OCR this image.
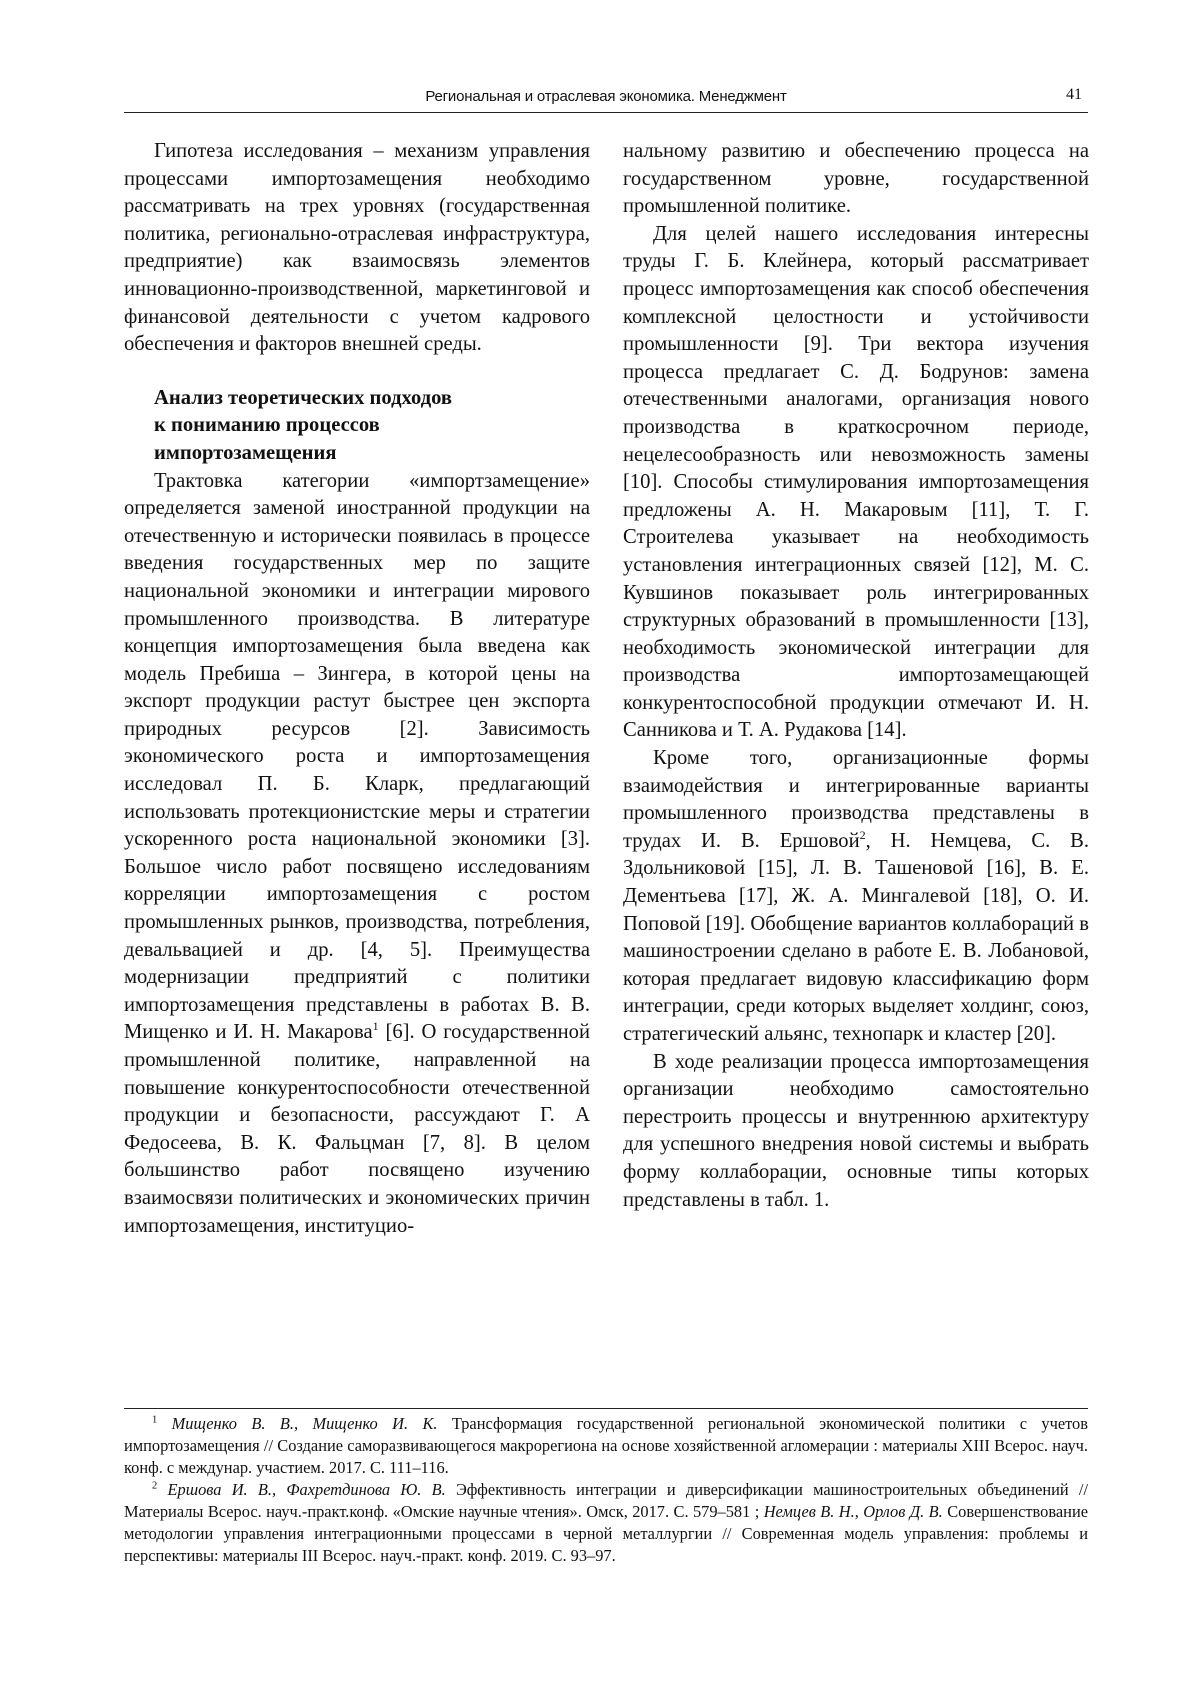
Региональная и отраслевая экономика. Менеджмент	41

Гипотеза исследования – механизм управления процессами импортозамещения необходимо рассматривать на трех уровнях (государственная политика, регионально-отраслевая инфраструктура, предприятие) как взаимосвязь элементов инновационно-производственной, маркетинговой и финансовой деятельности с учетом кадрового обеспечения и факторов внешней среды.

Анализ теоретических подходов
к пониманию процессов
импортозамещения

Трактовка категории «импортзамещение» определяется заменой иностранной продукции на отечественную и исторически появилась в процессе введения государственных мер по защите национальной экономики и интеграции мирового промышленного производства. В литературе концепция импортозамещения была введена как модель Пребиша – Зингера, в которой цены на экспорт продукции растут быстрее цен экспорта природных ресурсов [2]. Зависимость экономического роста и импортозамещения исследовал П. Б. Кларк, предлагающий использовать протекционистские меры и стратегии ускоренного роста национальной экономики [3]. Большое число работ посвящено исследованиям корреляции импортозамещения с ростом промышленных рынков, производства, потребления, девальвацией и др. [4, 5]. Преимущества модернизации предприятий с политики импортозамещения представлены в работах В. В. Мищенко и И. Н. Макарова$^1$ [6]. О государственной промышленной политике, направленной на повышение конкурентоспособности отечественной продукции и безопасности, рассуждают Г. А Федосеева, В. К. Фальцман [7, 8]. В целом большинство работ посвящено изучению взаимосвязи политических и экономических причин импортозамещения, институцио-

нальному развитию и обеспечению процесса на государственном уровне, государственной промышленной политике.

Для целей нашего исследования интересны труды Г. Б. Клейнера, который рассматривает процесс импортозамещения как способ обеспечения комплексной целостности и устойчивости промышленности [9]. Три вектора изучения процесса предлагает С. Д. Бодрунов: замена отечественными аналогами, организация нового производства в краткосрочном периоде, нецелесообразность или невозможность замены [10]. Способы стимулирования импортозамещения предложены А. Н. Макаровым [11], Т. Г. Строителева указывает на необходимость установления интеграционных связей [12], М. С. Кувшинов показывает роль интегрированных структурных образований в промышленности [13], необходимость экономической интеграции для производства импортозамещающей конкурентоспособной продукции отмечают И. Н. Санникова и Т. А. Рудакова [14].

Кроме того, организационные формы взаимодействия и интегрированные варианты промышленного производства представлены в трудах И. В. Ершовой$^2$, Н. Немцева, С. В. Здольниковой [15], Л. В. Ташеновой [16], В. Е. Дементьева [17], Ж. А. Мингалевой [18], О. И. Поповой [19]. Обобщение вариантов коллабораций в машиностроении сделано в работе Е. В. Лобановой, которая предлагает видовую классификацию форм интеграции, среди которых выделяет холдинг, союз, стратегический альянс, технопарк и кластер [20].

В ходе реализации процесса импортозамещения организации необходимо самостоятельно перестроить процессы и внутреннюю архитектуру для успешного внедрения новой системы и выбрать форму коллаборации, основные типы которых представлены в табл. 1.

$^1$ Мищенко В. В., Мищенко И. К. Трансформация государственной региональной экономической политики с учетов импортозамещения // Создание саморазвивающегося макрорегиона на основе хозяйственной агломерации : материалы XIII Всерос. науч. конф. с междунар. участием. 2017. С. 111–116.

$^2$ Ершова И. В., Фахретдинова Ю. В. Эффективность интеграции и диверсификации машиностроительных объединений // Материалы Всерос. науч.-практ.конф. «Омские научные чтения». Омск, 2017. С. 579–581 ; Немцев В. Н., Орлов Д. В. Совершенствование методологии управления интеграционными процессами в черной металлургии // Современная модель управления: проблемы и перспективы: материалы III Всерос. науч.-практ. конф. 2019. С. 93–97.
